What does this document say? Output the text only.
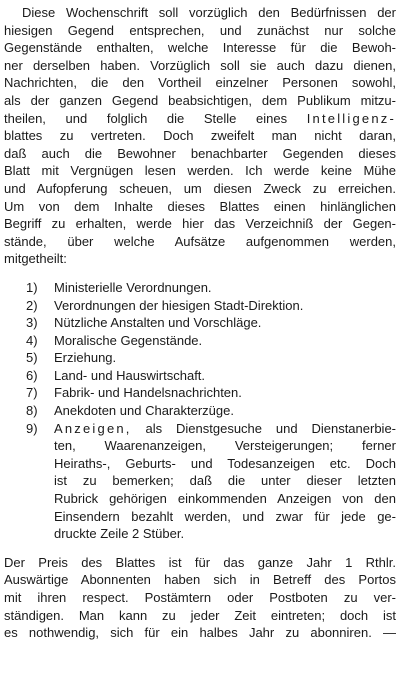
Diese Wochenschrift soll vorzüglich den Bedürfnissen der
hiesigen Gegend entsprechen, und zunächst nur solche
Gegenstände enthalten, welche Interesse für die Bewoh-
ner derselben haben. Vorzüglich soll sie auch dazu dienen,
Nachrichten, die den Vortheil einzelner Personen sowohl,
als der ganzen Gegend beabsichtigen, dem Publikum mitzu-
theilen, und folglich die Stelle eines Intelligenz-
blattes zu vertreten. Doch zweifelt man nicht daran,
daß auch die Bewohner benachbarter Gegenden dieses
Blatt mit Vergnügen lesen werden. Ich werde keine Mühe
und Aufopferung scheuen, um diesen Zweck zu erreichen.
Um von dem Inhalte dieses Blattes einen hinlänglichen
Begriff zu erhalten, werde hier das Verzeichniß der Gegen-
stände, über welche Aufsätze aufgenommen werden,
mitgetheilt:
1)	Ministerielle Verordnungen.
2)	Verordnungen der hiesigen Stadt-Direktion.
3)	Nützliche Anstalten und Vorschläge.
4)	Moralische Gegenstände.
5)	Erziehung.
6)	Land- und Hauswirtschaft.
7)	Fabrik- und Handelsnachrichten.
8)	Anekdoten und Charakterzüge.
9)	Anzeigen, als Dienstgesuche und Dienstanerbie-
ten, Waarenanzeigen, Versteigerungen; ferner
Heiraths-, Geburts- und Todesanzeigen etc. Doch
ist zu bemerken; daß die unter dieser letzten
Rubrick gehörigen einkommenden Anzeigen von den
Einsendern bezahlt werden, und zwar für jede ge-
druckte Zeile 2 Stüber.
Der Preis des Blattes ist für das ganze Jahr 1 Rthlr.
Auswärtige Abonnenten haben sich in Betreff des Portos
mit ihren respect. Postämtern oder Postboten zu ver-
ständigen. Man kann zu jeder Zeit eintreten; doch ist
es nothwendig, sich für ein halbes Jahr zu abonniren. —
